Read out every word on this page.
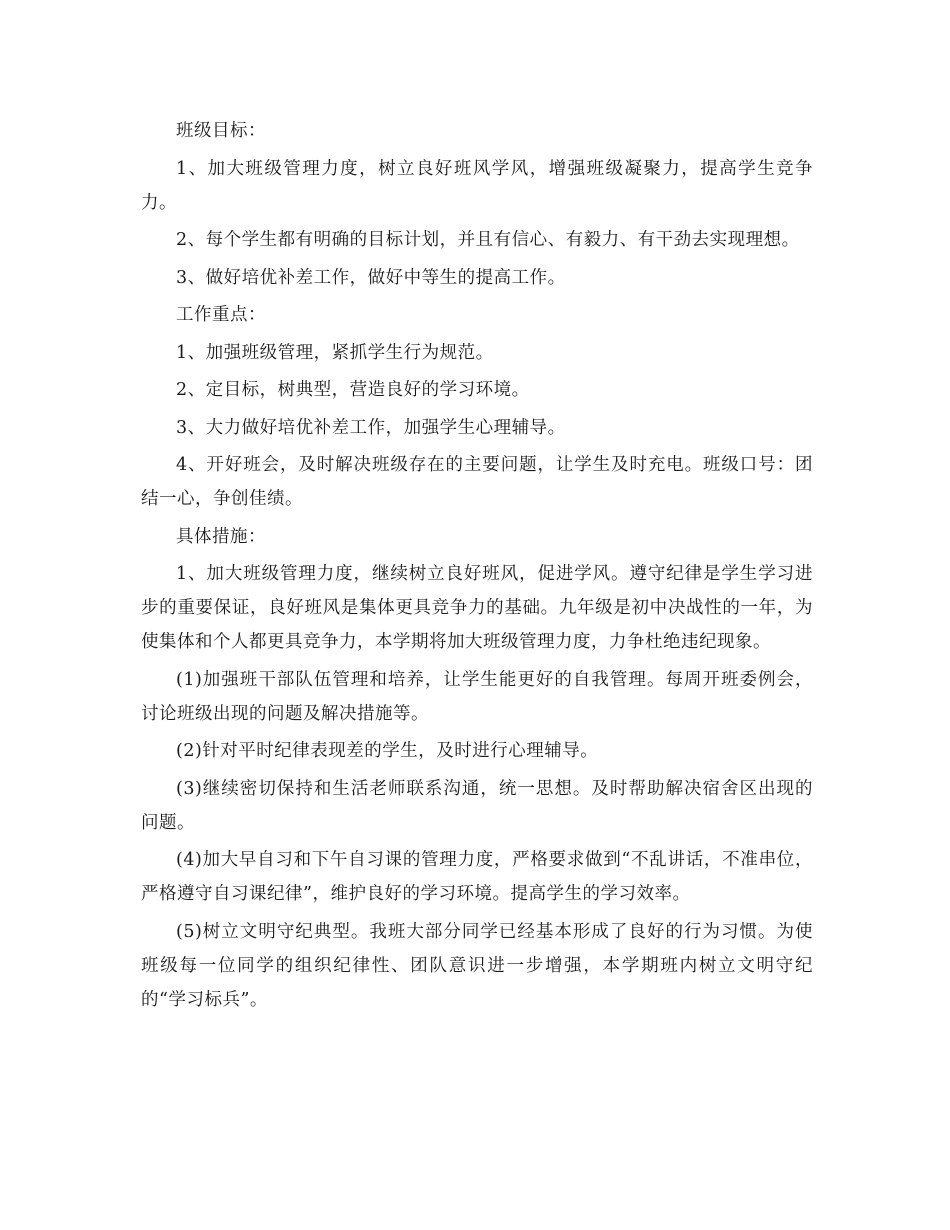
班级目标：

1、加大班级管理力度，树立良好班风学风，增强班级凝聚力，提高学生竞争力。

2、每个学生都有明确的目标计划，并且有信心、有毅力、有干劲去实现理想。

3、做好培优补差工作，做好中等生的提高工作。

工作重点：

1、加强班级管理，紧抓学生行为规范。

2、定目标，树典型，营造良好的学习环境。

3、大力做好培优补差工作，加强学生心理辅导。

4、开好班会，及时解决班级存在的主要问题，让学生及时充电。班级口号：团结一心，争创佳绩。

具体措施：

1、加大班级管理力度，继续树立良好班风，促进学风。遵守纪律是学生学习进步的重要保证，良好班风是集体更具竞争力的基础。九年级是初中决战性的一年，为使集体和个人都更具竞争力，本学期将加大班级管理力度，力争杜绝违纪现象。

(1)加强班干部队伍管理和培养，让学生能更好的自我管理。每周开班委例会，讨论班级出现的问题及解决措施等。

(2)针对平时纪律表现差的学生，及时进行心理辅导。

(3)继续密切保持和生活老师联系沟通，统一思想。及时帮助解决宿舍区出现的问题。

(4)加大早自习和下午自习课的管理力度，严格要求做到“不乱讲话，不准串位，严格遵守自习课纪律”，维护良好的学习环境。提高学生的学习效率。

(5)树立文明守纪典型。我班大部分同学已经基本形成了良好的行为习惯。为使班级每一位同学的组织纪律性、团队意识进一步增强，本学期班内树立文明守纪的“学习标兵”。
